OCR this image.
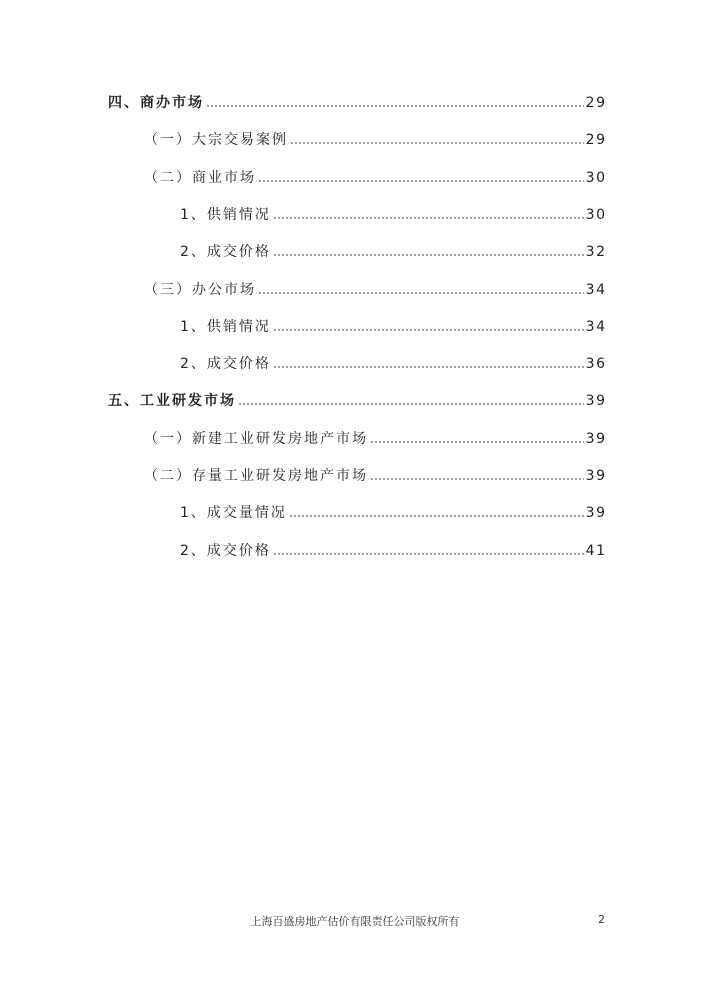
四、商办市场	29
（一）大宗交易案例	29
（二）商业市场	30
1、供销情况	30
2、成交价格	32
（三）办公市场	34
1、供销情况	34
2、成交价格	36
五、工业研发市场	39
（一）新建工业研发房地产市场	39
（二）存量工业研发房地产市场	39
1、成交量情况	39
2、成交价格	41
上海百盛房地产估价有限责任公司版权所有	2
